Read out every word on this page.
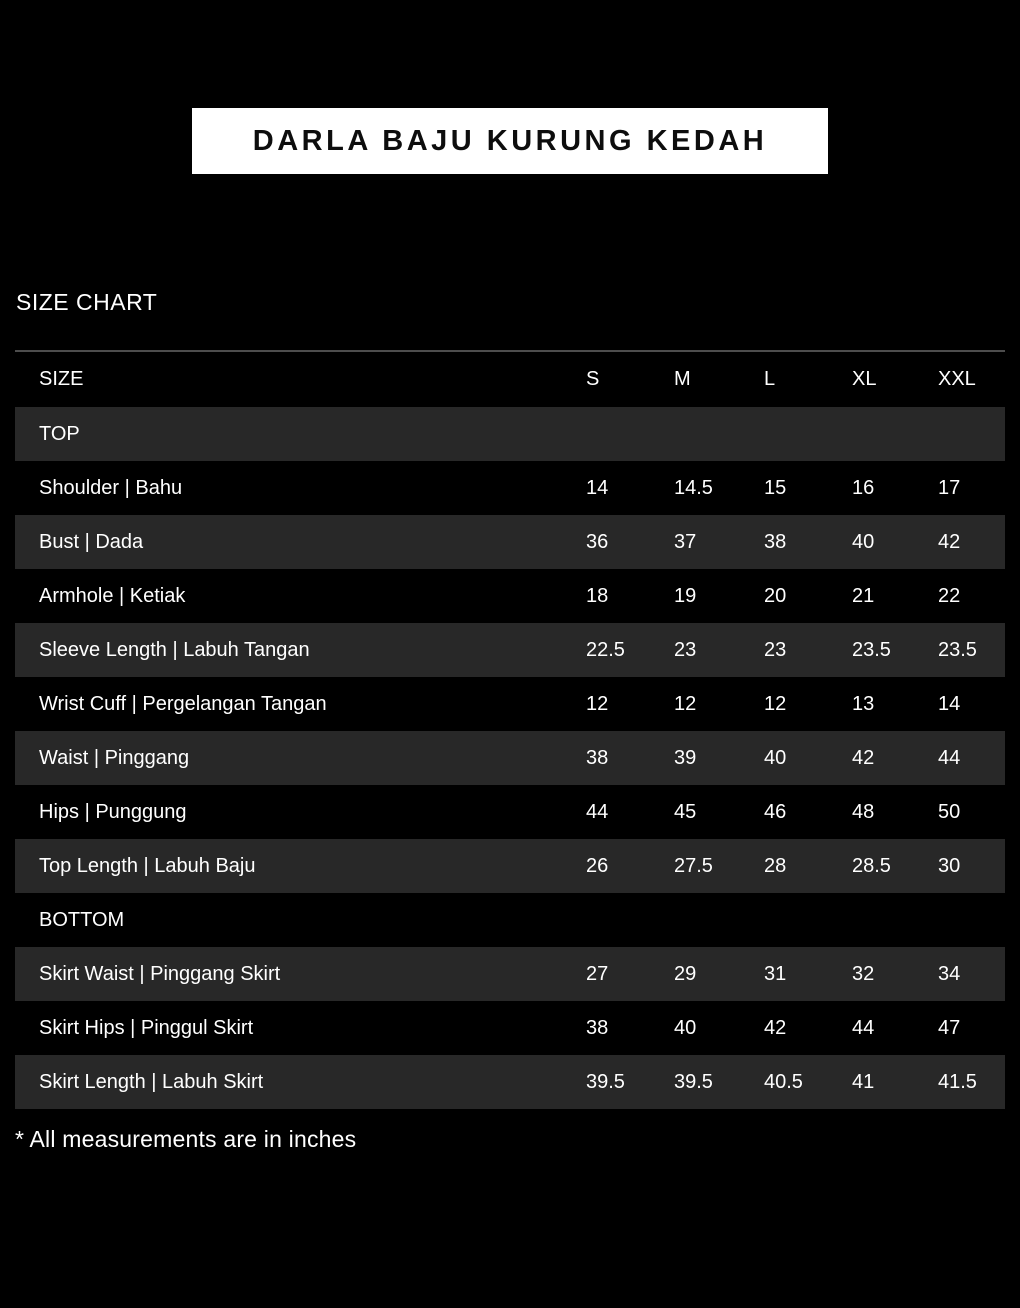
DARLA BAJU KURUNG KEDAH
SIZE CHART
SIZE	S	M	L	XL	XXL
TOP					
Shoulder | Bahu	14	14.5	15	16	17
Bust | Dada	36	37	38	40	42
Armhole | Ketiak	18	19	20	21	22
Sleeve Length | Labuh Tangan	22.5	23	23	23.5	23.5
Wrist Cuff | Pergelangan Tangan	12	12	12	13	14
Waist | Pinggang	38	39	40	42	44
Hips | Punggung	44	45	46	48	50
Top Length | Labuh Baju	26	27.5	28	28.5	30
BOTTOM					
Skirt Waist | Pinggang Skirt	27	29	31	32	34
Skirt Hips | Pinggul Skirt	38	40	42	44	47
Skirt Length | Labuh Skirt	39.5	39.5	40.5	41	41.5
* All measurements are in inches
